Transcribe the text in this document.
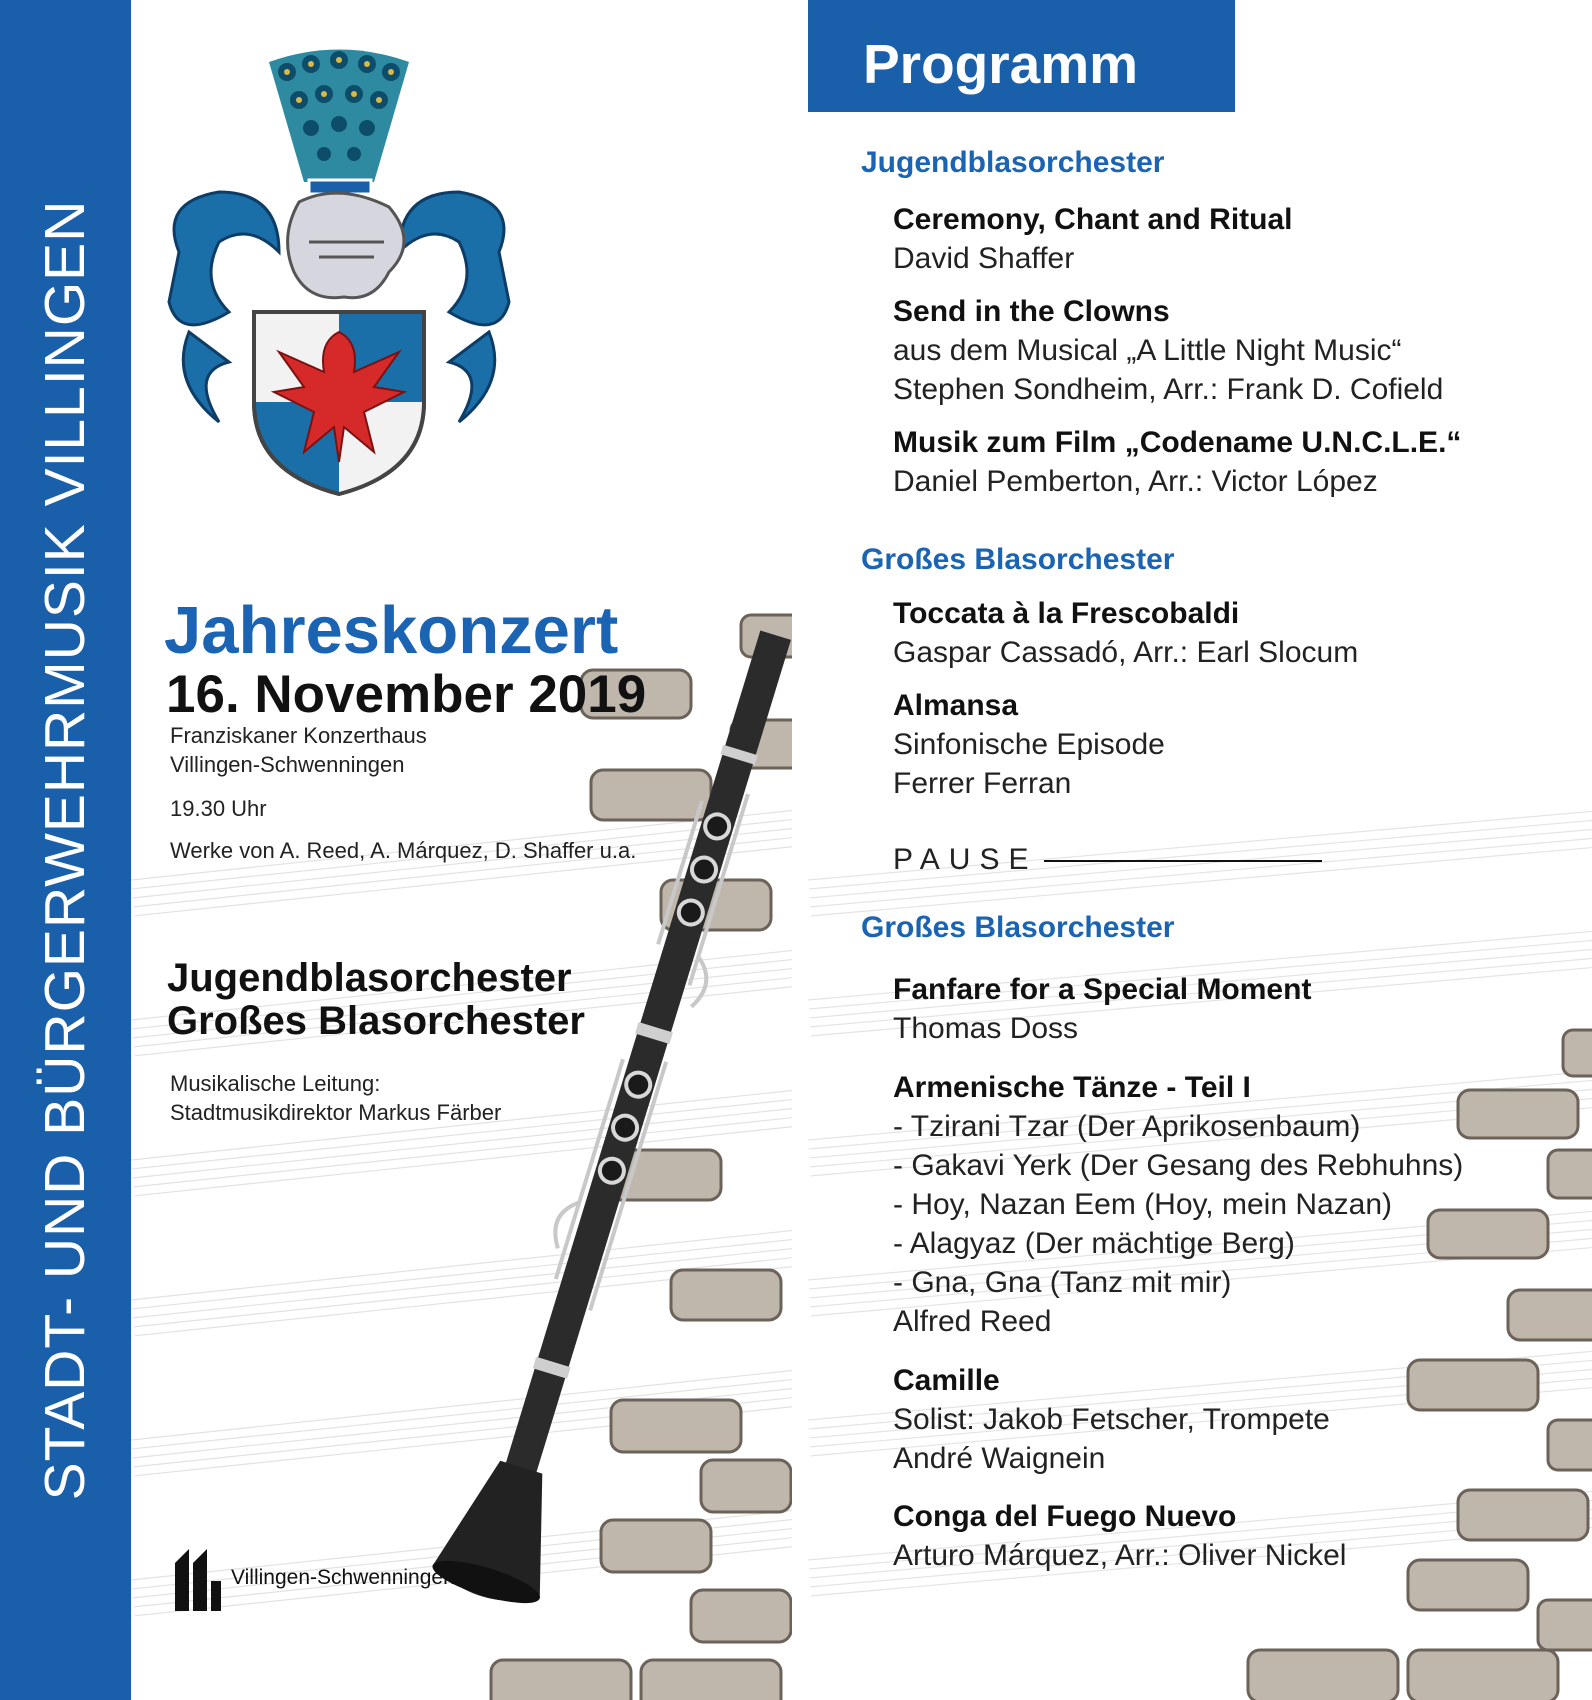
STADT- UND BÜRGERWEHRMUSIK VILLINGEN Jahreskonzert
16. November 2019
Franziskaner Konzerthaus
Villingen-Schwenningen
19.30 Uhr
Werke von A. Reed, A. Márquez, D. Shaffer u.a.
Jugendblasorchester
Großes Blasorchester
Musikalische Leitung:
Stadtmusikdirektor Markus Färber
Villingen-Schwenningen
Programm
Jugendblasorchester
Ceremony, Chant and Ritual
David Shaffer
Send in the Clowns
aus dem Musical „A Little Night Music“
Stephen Sondheim, Arr.: Frank D. Cofield
Musik zum Film „Codename U.N.C.L.E.“
Daniel Pemberton, Arr.: Victor López
Großes Blasorchester
Toccata à la Frescobaldi
Gaspar Cassadó, Arr.: Earl Slocum
Almansa
Sinfonische Episode
Ferrer Ferran
PAUSE
Großes Blasorchester
Fanfare for a Special Moment
Thomas Doss
Armenische Tänze - Teil I
- Tzirani Tzar (Der Aprikosenbaum)
- Gakavi Yerk (Der Gesang des Rebhuhns)
- Hoy, Nazan Eem (Hoy, mein Nazan)
- Alagyaz (Der mächtige Berg)
- Gna, Gna (Tanz mit mir)
Alfred Reed
Camille
Solist: Jakob Fetscher, Trompete
André Waignein
Conga del Fuego Nuevo
Arturo Márquez, Arr.: Oliver Nickel
